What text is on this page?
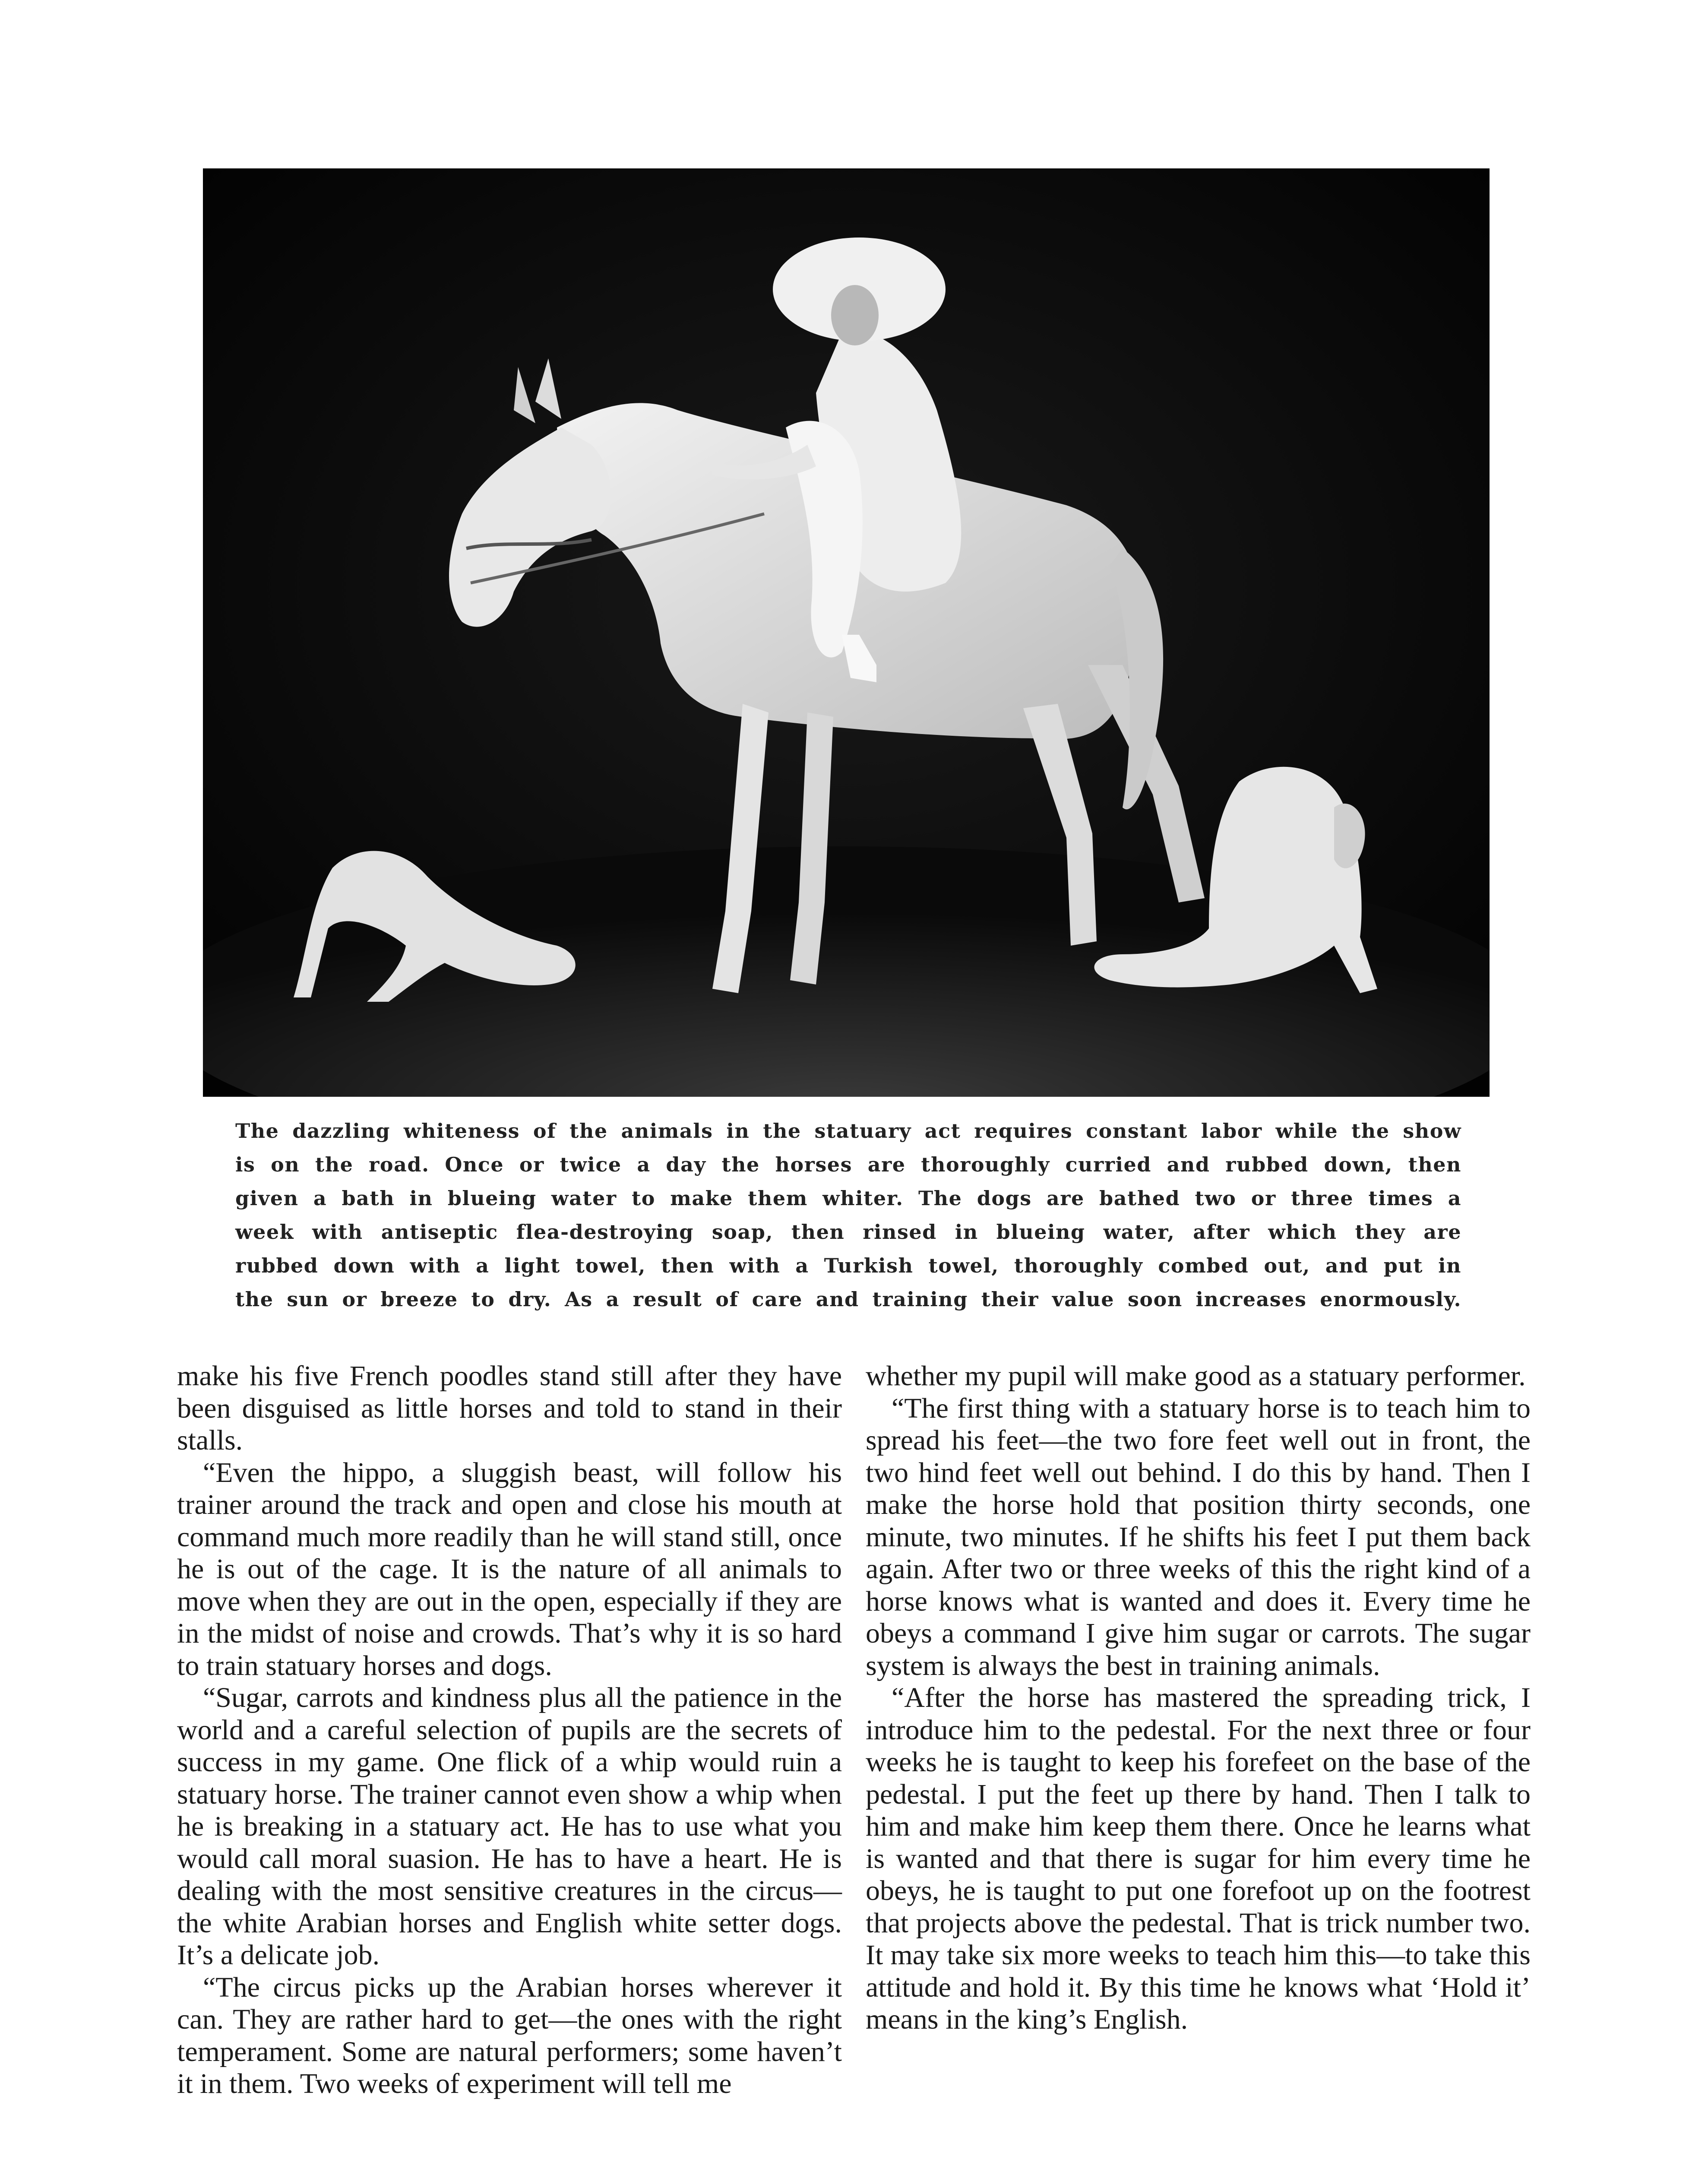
The dazzling whiteness of the animals in the statuary act requires constant labor while the show
is on the road. Once or twice a day the horses are thoroughly curried and rubbed down, then
given a bath in blueing water to make them whiter. The dogs are bathed two or three times a
week with antiseptic flea-destroying soap, then rinsed in blueing water, after which they are
rubbed down with a light towel, then with a Turkish towel, thoroughly combed out, and put in
the sun or breeze to dry. As a result of care and training their value soon increases enormously.

make his five French poodles stand still after they have been disguised as little horses and told to stand in their stalls.

“Even the hippo, a sluggish beast, will follow his trainer around the track and open and close his mouth at command much more readily than he will stand still, once he is out of the cage. It is the nature of all animals to move when they are out in the open, especially if they are in the midst of noise and crowds. That’s why it is so hard to train statuary horses and dogs.

“Sugar, carrots and kindness plus all the patience in the world and a careful selection of pupils are the secrets of success in my game. One flick of a whip would ruin a statuary horse. The trainer cannot even show a whip when he is breaking in a statuary act. He has to use what you would call moral suasion. He has to have a heart. He is dealing with the most sensitive creatures in the circus—the white Arabian horses and English white setter dogs. It’s a delicate job.

“The circus picks up the Arabian horses wherever it can. They are rather hard to get—the ones with the right temperament. Some are natural performers; some haven’t it in them. Two weeks of experiment will tell me

whether my pupil will make good as a statuary performer.

“The first thing with a statuary horse is to teach him to spread his feet—the two fore feet well out in front, the two hind feet well out behind. I do this by hand. Then I make the horse hold that position thirty seconds, one minute, two minutes. If he shifts his feet I put them back again. After two or three weeks of this the right kind of a horse knows what is wanted and does it. Every time he obeys a command I give him sugar or carrots. The sugar system is always the best in training animals.

“After the horse has mastered the spreading trick, I introduce him to the pedestal. For the next three or four weeks he is taught to keep his forefeet on the base of the pedestal. I put the feet up there by hand. Then I talk to him and make him keep them there. Once he learns what is wanted and that there is sugar for him every time he obeys, he is taught to put one forefoot up on the footrest that projects above the pedestal. That is trick number two. It may take six more weeks to teach him this—to take this attitude and hold it. By this time he knows what ‘Hold it’ means in the king’s English.
